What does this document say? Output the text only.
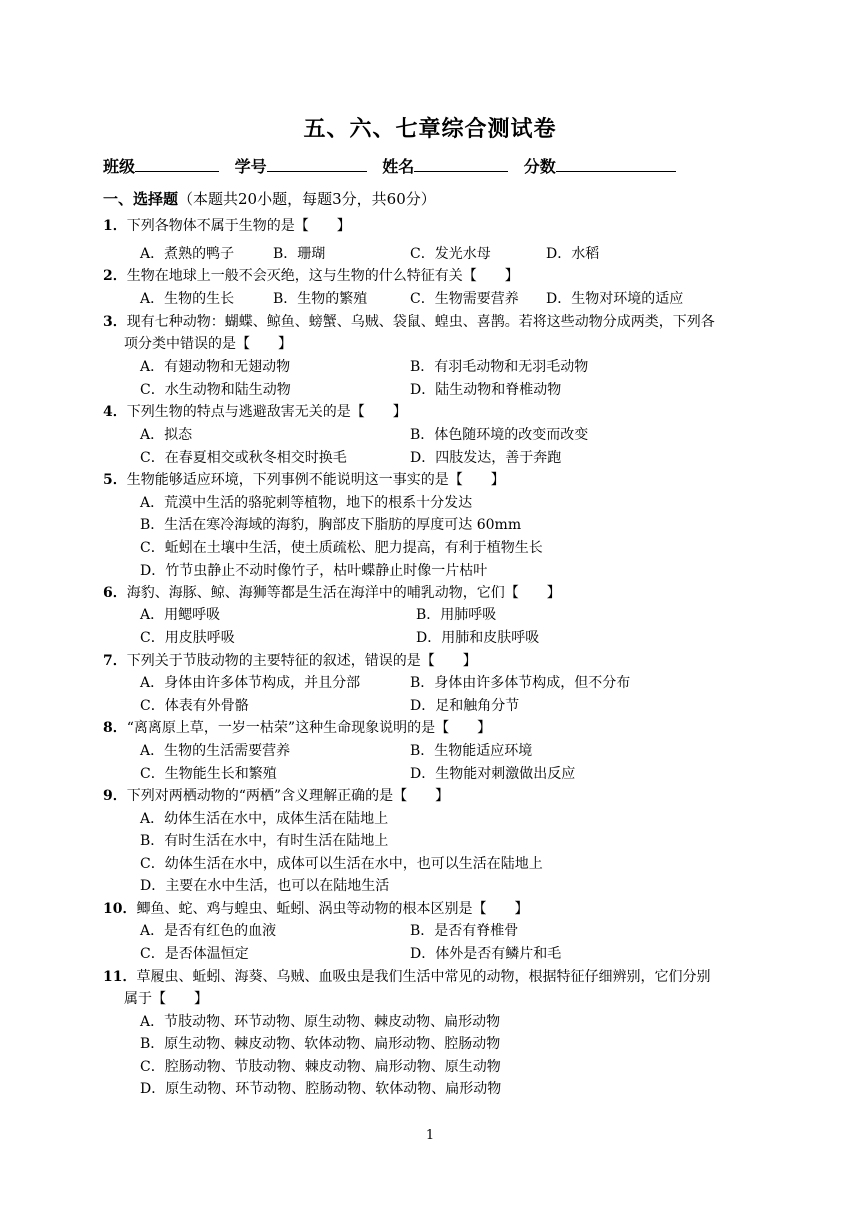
五、六、七章综合测试卷
班级	学号	姓名	分数
一、选择题（本题共20小题，每题3分，共60分）
1．下列各物体不属于生物的是【　　】
A．煮熟的鸭子	B．珊瑚	C．发光水母	D．水稻
2．生物在地球上一般不会灭绝，这与生物的什么特征有关【　　】
A．生物的生长	B．生物的繁殖	C．生物需要营养 D．生物对环境的适应
3．现有七种动物：蝴蝶、鲸鱼、螃蟹、乌贼、袋鼠、蝗虫、喜鹊。若将这些动物分成两类，下列各
项分类中错误的是【　　】
A．有翅动物和无翅动物	B．有羽毛动物和无羽毛动物
C．水生动物和陆生动物	D．陆生动物和脊椎动物
4．下列生物的特点与逃避敌害无关的是【　　】
A．拟态	B．体色随环境的改变而改变
C．在春夏相交或秋冬相交时换毛	D．四肢发达，善于奔跑
5．生物能够适应环境，下列事例不能说明这一事实的是【　　】
A．荒漠中生活的骆驼刺等植物，地下的根系十分发达
B．生活在寒冷海域的海豹，胸部皮下脂肪的厚度可达 60mm
C．蚯蚓在土壤中生活，使土质疏松、肥力提高，有利于植物生长
D．竹节虫静止不动时像竹子，枯叶蝶静止时像一片枯叶
6．海豹、海豚、鲸、海狮等都是生活在海洋中的哺乳动物，它们【　　】
A．用鳃呼吸	B．用肺呼吸
C．用皮肤呼吸	D．用肺和皮肤呼吸
7．下列关于节肢动物的主要特征的叙述，错误的是【　　】
A．身体由许多体节构成，并且分部	B．身体由许多体节构成，但不分布
C．体表有外骨骼	D．足和触角分节
8．“离离原上草，一岁一枯荣”这种生命现象说明的是【　　】
A．生物的生活需要营养	B．生物能适应环境
C．生物能生长和繁殖	D．生物能对刺激做出反应
9．下列对两栖动物的“两栖”含义理解正确的是【　　】
A．幼体生活在水中，成体生活在陆地上
B．有时生活在水中，有时生活在陆地上
C．幼体生活在水中，成体可以生活在水中，也可以生活在陆地上
D．主要在水中生活，也可以在陆地生活
10．鲫鱼、蛇、鸡与蝗虫、蚯蚓、涡虫等动物的根本区别是【　　】
A．是否有红色的血液	B．是否有脊椎骨
C．是否体温恒定	D．体外是否有鳞片和毛
11．草履虫、蚯蚓、海葵、乌贼、血吸虫是我们生活中常见的动物，根据特征仔细辨别，它们分别
属于【　　】
A．节肢动物、环节动物、原生动物、棘皮动物、扁形动物
B．原生动物、棘皮动物、软体动物、扁形动物、腔肠动物
C．腔肠动物、节肢动物、棘皮动物、扁形动物、原生动物
D．原生动物、环节动物、腔肠动物、软体动物、扁形动物
1
